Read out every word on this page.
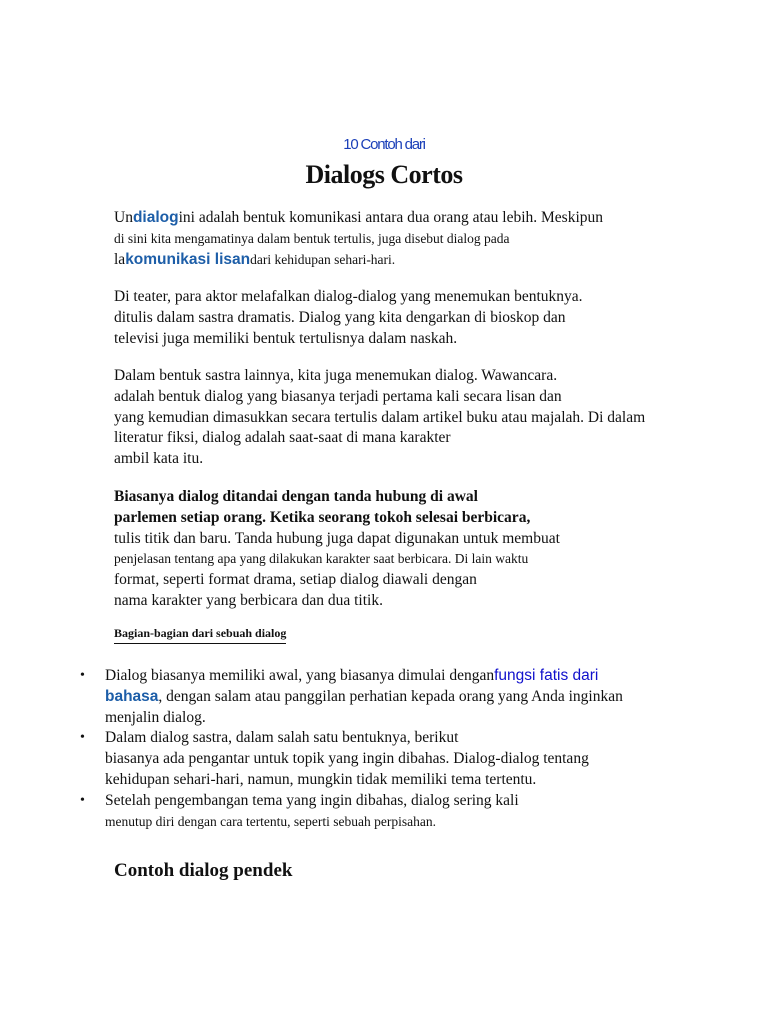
10 Contoh dari
Dialogs Cortos
Undialogini adalah bentuk komunikasi antara dua orang atau lebih. Meskipun
di sini kita mengamatinya dalam bentuk tertulis, juga disebut dialog pada
lakomunikasi lisandari kehidupan sehari-hari.
Di teater, para aktor melafalkan dialog-dialog yang menemukan bentuknya.
ditulis dalam sastra dramatis. Dialog yang kita dengarkan di bioskop dan
televisi juga memiliki bentuk tertulisnya dalam naskah.
Dalam bentuk sastra lainnya, kita juga menemukan dialog. Wawancara.
adalah bentuk dialog yang biasanya terjadi pertama kali secara lisan dan
yang kemudian dimasukkan secara tertulis dalam artikel buku atau majalah. Di dalam
literatur fiksi, dialog adalah saat-saat di mana karakter
ambil kata itu.
Biasanya dialog ditandai dengan tanda hubung di awal
parlemen setiap orang. Ketika seorang tokoh selesai berbicara,
tulis titik dan baru. Tanda hubung juga dapat digunakan untuk membuat
penjelasan tentang apa yang dilakukan karakter saat berbicara. Di lain waktu
format, seperti format drama, setiap dialog diawali dengan
nama karakter yang berbicara dan dua titik.
Bagian-bagian dari sebuah dialog
• Dialog biasanya memiliki awal, yang biasanya dimulai denganfungsi fatis dari
bahasa, dengan salam atau panggilan perhatian kepada orang yang Anda inginkan
menjalin dialog.
• Dalam dialog sastra, dalam salah satu bentuknya, berikut
biasanya ada pengantar untuk topik yang ingin dibahas. Dialog-dialog tentang
kehidupan sehari-hari, namun, mungkin tidak memiliki tema tertentu.
• Setelah pengembangan tema yang ingin dibahas, dialog sering kali
menutup diri dengan cara tertentu, seperti sebuah perpisahan.
Contoh dialog pendek
